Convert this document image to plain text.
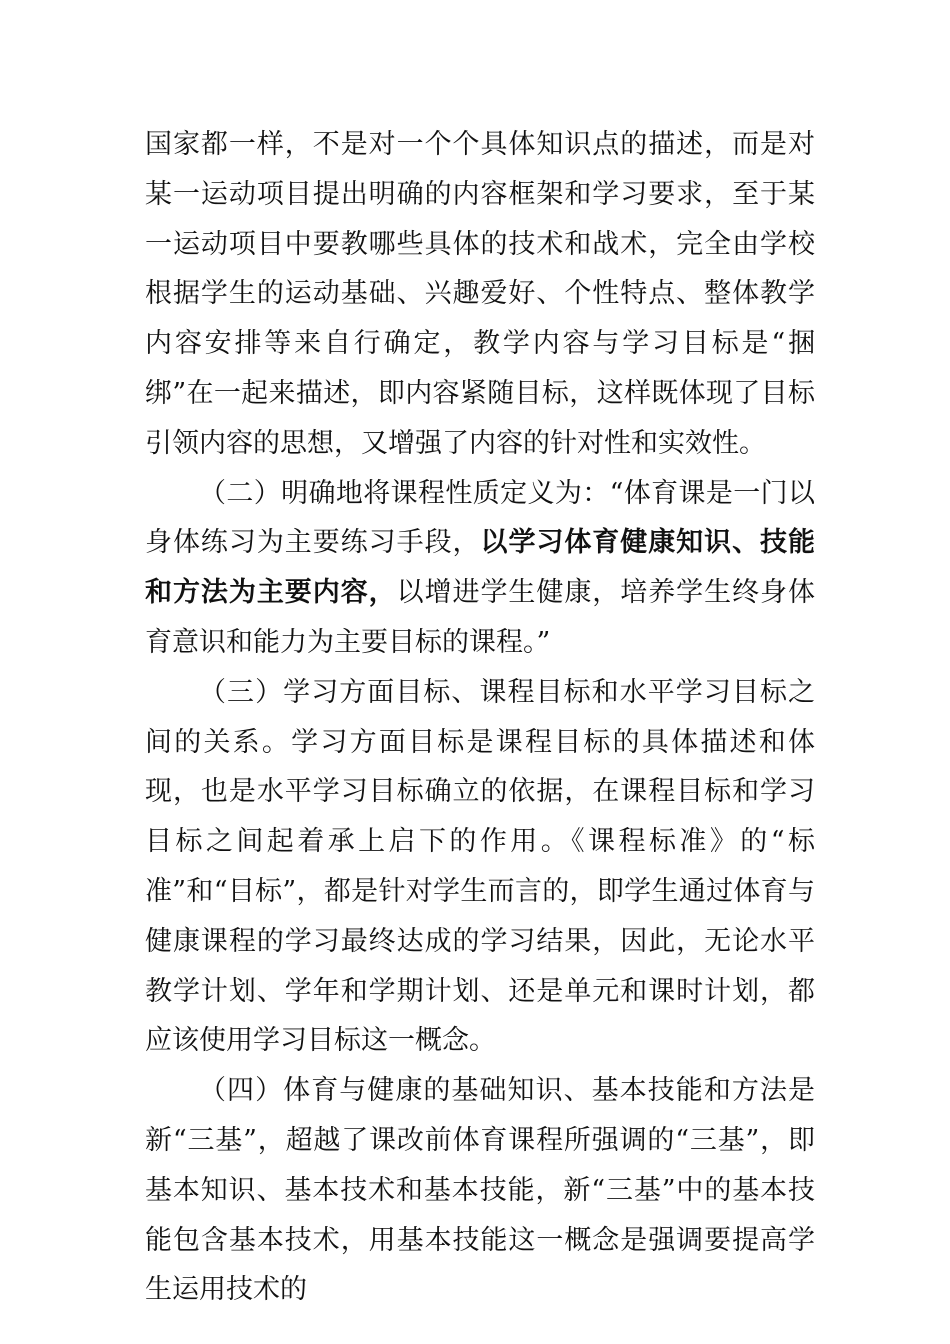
国家都一样，不是对一个个具体知识点的描述，而是对某一运动项目提出明确的内容框架和学习要求，至于某一运动项目中要教哪些具体的技术和战术，完全由学校根据学生的运动基础、兴趣爱好、个性特点、整体教学内容安排等来自行确定，教学内容与学习目标是“捆绑”在一起来描述，即内容紧随目标，这样既体现了目标引领内容的思想，又增强了内容的针对性和实效性。

（二）明确地将课程性质定义为：“体育课是一门以身体练习为主要练习手段，以学习体育健康知识、技能和方法为主要内容，以增进学生健康，培养学生终身体育意识和能力为主要目标的课程。”

（三）学习方面目标、课程目标和水平学习目标之间的关系。学习方面目标是课程目标的具体描述和体现，也是水平学习目标确立的依据，在课程目标和学习目标之间起着承上启下的作用。《课程标准》的“标准”和“目标”，都是针对学生而言的，即学生通过体育与健康课程的学习最终达成的学习结果，因此，无论水平教学计划、学年和学期计划、还是单元和课时计划，都应该使用学习目标这一概念。

（四）体育与健康的基础知识、基本技能和方法是新“三基”，超越了课改前体育课程所强调的“三基”，即基本知识、基本技术和基本技能，新“三基”中的基本技能包含基本技术，用基本技能这一概念是强调要提高学生运用技术的
